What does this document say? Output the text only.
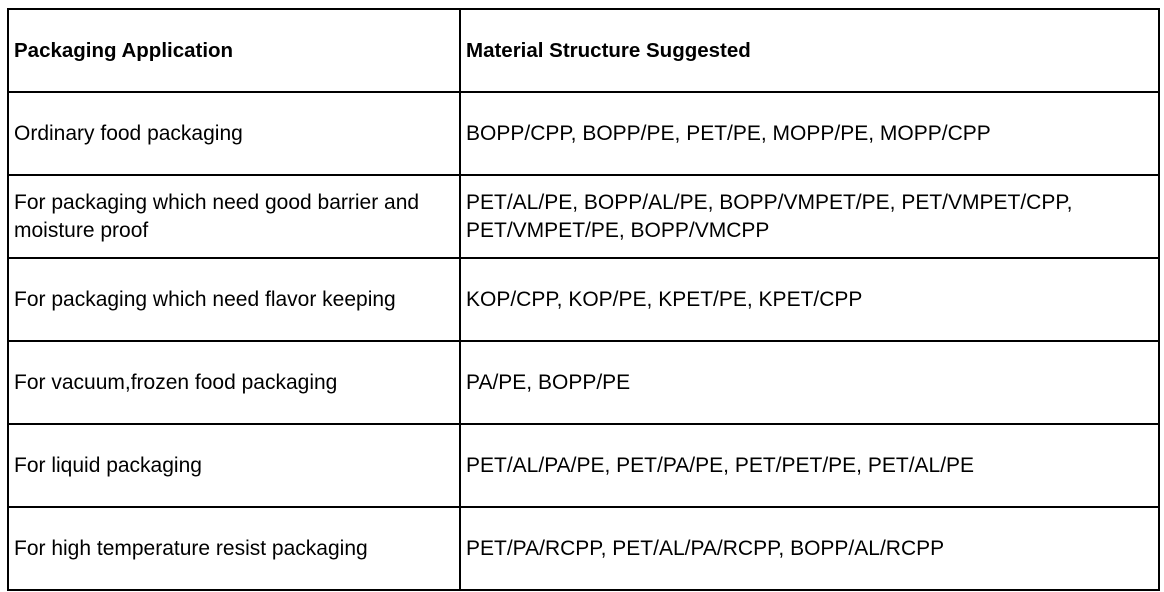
Packaging Application	Material Structure Suggested
Ordinary food packaging	BOPP/CPP, BOPP/PE, PET/PE, MOPP/PE, MOPP/CPP
For packaging which need good barrier and moisture proof	PET/AL/PE, BOPP/AL/PE, BOPP/VMPET/PE, PET/VMPET/CPP, PET/VMPET/PE, BOPP/VMCPP
For packaging which need flavor keeping	KOP/CPP, KOP/PE, KPET/PE, KPET/CPP
For vacuum,frozen food packaging	PA/PE, BOPP/PE
For liquid packaging	PET/AL/PA/PE, PET/PA/PE, PET/PET/PE, PET/AL/PE
For high temperature resist packaging	PET/PA/RCPP, PET/AL/PA/RCPP, BOPP/AL/RCPP
